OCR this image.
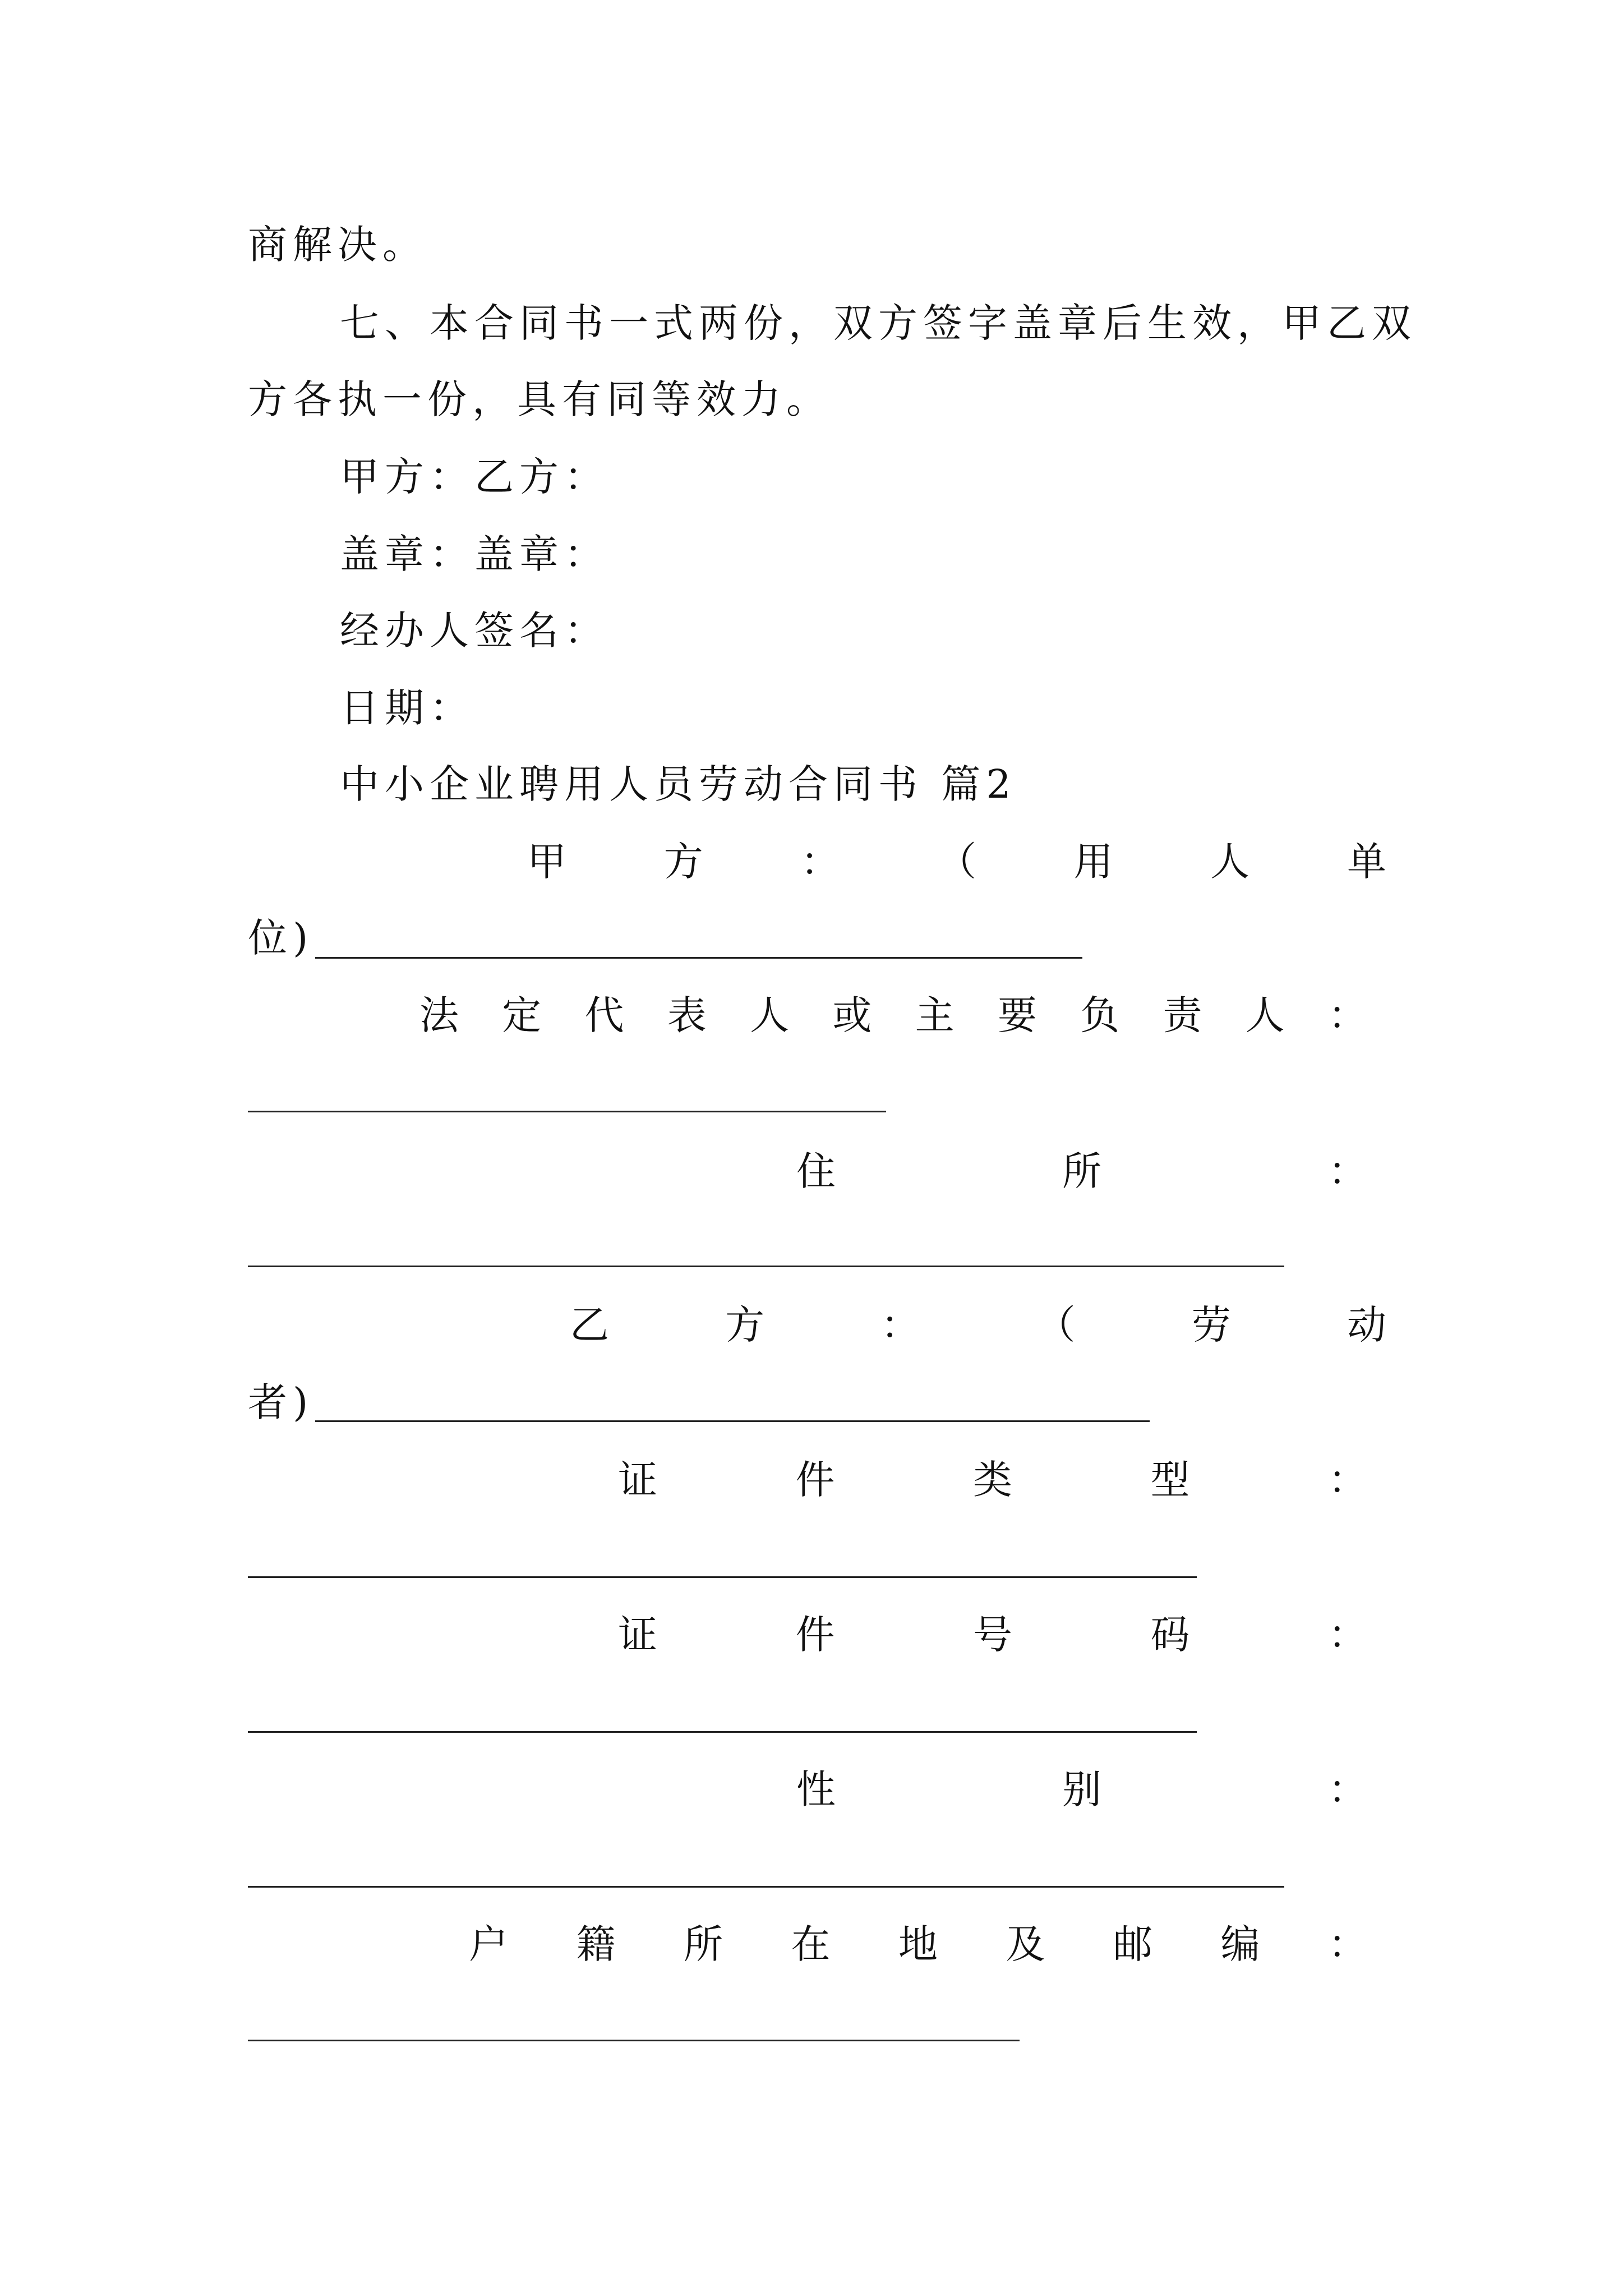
商解决。
七、本合同书一式两份，双方签字盖章后生效，甲乙双
方各执一份，具有同等效力。
甲方：乙方：
盖章：盖章：
经办人签名：
日期：
中小企业聘用人员劳动合同书 篇2
甲 方 ： （ 用 人 单
位)
法 定 代 表 人 或 主 要 负 责 人 ：
住	所	：
乙	方	：	（	劳	动
者)
证	件	类	型	：
证	件	号	码	：
性	别	：
户 籍 所 在 地 及 邮 编 ：
